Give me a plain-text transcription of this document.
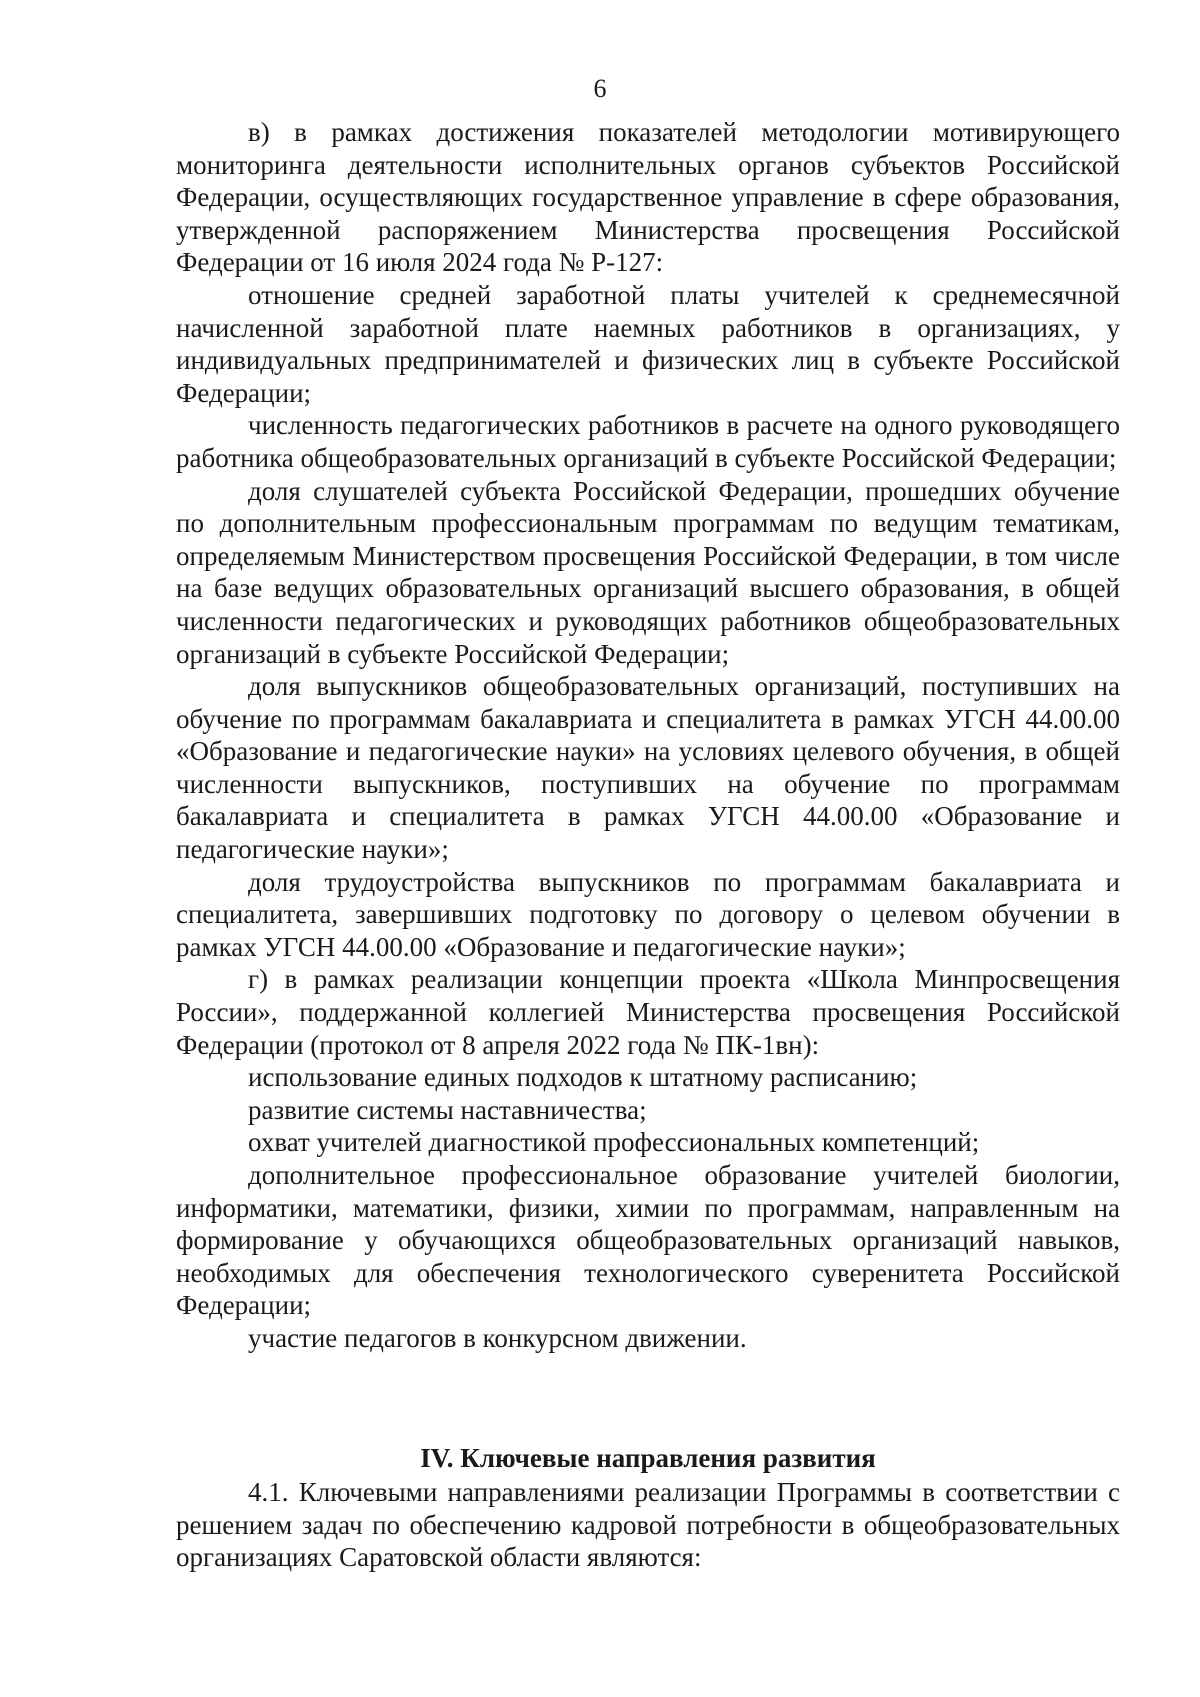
6

в) в рамках достижения показателей методологии мотивирующего мониторинга деятельности исполнительных органов субъектов Российской Федерации, осуществляющих государственное управление в сфере образования, утвержденной распоряжением Министерства просвещения Российской Федерации от 16 июля 2024 года № Р-127:

отношение средней заработной платы учителей к среднемесячной начисленной заработной плате наемных работников в организациях, у индивидуальных предпринимателей и физических лиц в субъекте Российской Федерации;

численность педагогических работников в расчете на одного руководящего работника общеобразовательных организаций в субъекте Российской Федерации;

доля слушателей субъекта Российской Федерации, прошедших обучение по дополнительным профессиональным программам по ведущим тематикам, определяемым Министерством просвещения Российской Федерации, в том числе на базе ведущих образовательных организаций высшего образования, в общей численности педагогических и руководящих работников общеобразовательных организаций в субъекте Российской Федерации;

доля выпускников общеобразовательных организаций, поступивших на обучение по программам бакалавриата и специалитета в рамках УГСН 44.00.00 «Образование и педагогические науки» на условиях целевого обучения, в общей численности выпускников, поступивших на обучение по программам бакалавриата и специалитета в рамках УГСН 44.00.00 «Образование и педагогические науки»;

доля трудоустройства выпускников по программам бакалавриата и специалитета, завершивших подготовку по договору о целевом обучении в рамках УГСН 44.00.00 «Образование и педагогические науки»;

г) в рамках реализации концепции проекта «Школа Минпросвещения России», поддержанной коллегией Министерства просвещения Российской Федерации (протокол от 8 апреля 2022 года № ПК-1вн):

использование единых подходов к штатному расписанию;

развитие системы наставничества;

охват учителей диагностикой профессиональных компетенций;

дополнительное профессиональное образование учителей биологии, информатики, математики, физики, химии по программам, направленным на формирование у обучающихся общеобразовательных организаций навыков, необходимых для обеспечения технологического суверенитета Российской Федерации;

участие педагогов в конкурсном движении.

IV. Ключевые направления развития

4.1. Ключевыми направлениями реализации Программы в соответствии с решением задач по обеспечению кадровой потребности в общеобразовательных организациях Саратовской области являются:
